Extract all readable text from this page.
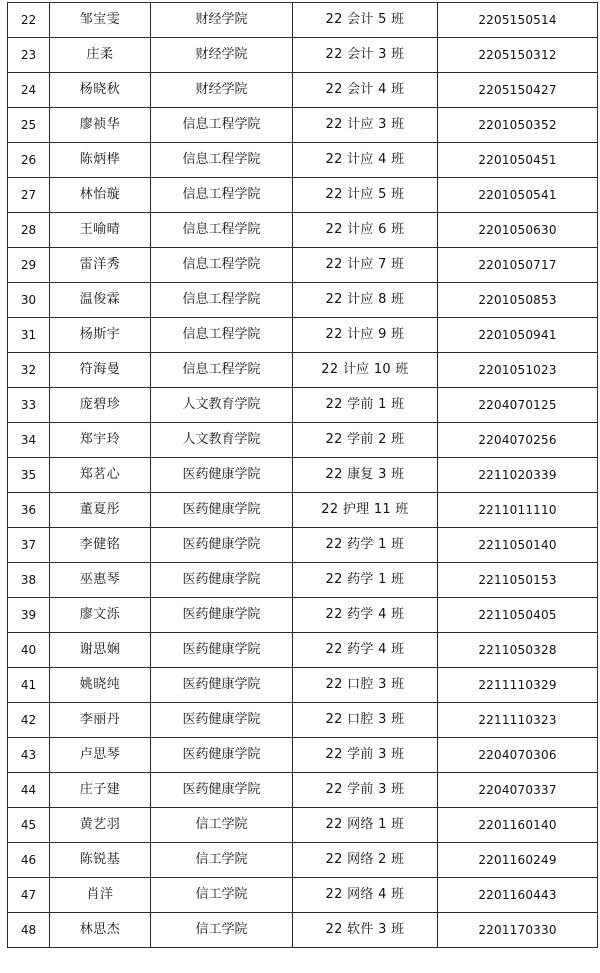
22	邹宝雯	财经学院	22 会计 5 班	2205150514
23	庄柔	财经学院	22 会计 3 班	2205150312
24	杨晓秋	财经学院	22 会计 4 班	2205150427
25	廖祯华	信息工程学院	22 计应 3 班	2201050352
26	陈炳桦	信息工程学院	22 计应 4 班	2201050451
27	林怡璇	信息工程学院	22 计应 5 班	2201050541
28	王喻晴	信息工程学院	22 计应 6 班	2201050630
29	雷洋秀	信息工程学院	22 计应 7 班	2201050717
30	温俊霖	信息工程学院	22 计应 8 班	2201050853
31	杨斯宇	信息工程学院	22 计应 9 班	2201050941
32	符海曼	信息工程学院	22 计应 10 班	2201051023
33	庞碧珍	人文教育学院	22 学前 1 班	2204070125
34	郑宇玲	人文教育学院	22 学前 2 班	2204070256
35	郑茗心	医药健康学院	22 康复 3 班	2211020339
36	董夏彤	医药健康学院	22 护理 11 班	2211011110
37	李健铭	医药健康学院	22 药学 1 班	2211050140
38	巫惠琴	医药健康学院	22 药学 1 班	2211050153
39	廖文泺	医药健康学院	22 药学 4 班	2211050405
40	谢思娴	医药健康学院	22 药学 4 班	2211050328
41	姚晓纯	医药健康学院	22 口腔 3 班	2211110329
42	李丽丹	医药健康学院	22 口腔 3 班	2211110323
43	卢思琴	医药健康学院	22 学前 3 班	2204070306
44	庄子建	医药健康学院	22 学前 3 班	2204070337
45	黄艺羽	信工学院	22 网络 1 班	2201160140
46	陈锐基	信工学院	22 网络 2 班	2201160249
47	肖洋	信工学院	22 网络 4 班	2201160443
48	林思杰	信工学院	22 软件 3 班	2201170330
